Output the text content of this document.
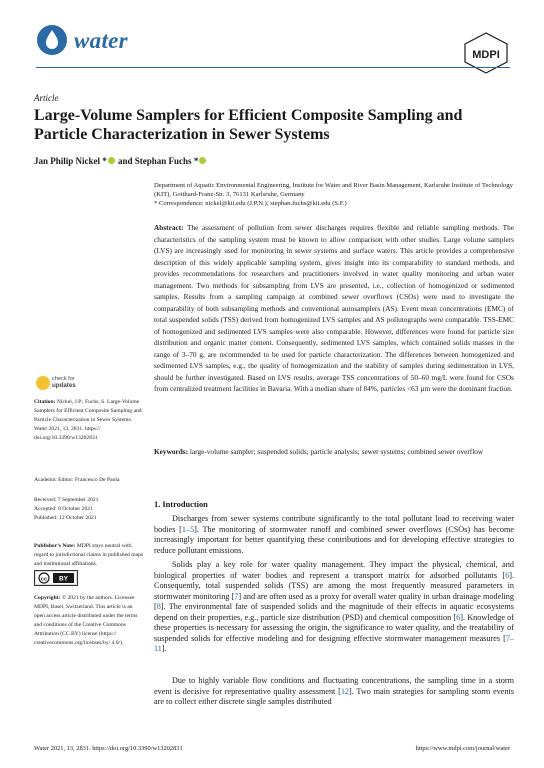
water
MDPI
Article
Large-Volume Samplers for Efficient Composite Sampling and Particle Characterization in Sewer Systems
Jan Philip Nickel * and Stephan Fuchs *
Department of Aquatic Environmental Engineering, Institute for Water and River Basin Management, Karlsruhe Institute of Technology (KIT), Gotthard-Franz-Str. 3, 76131 Karlsruhe, Germany
* Correspondence: nickel@kit.edu (J.P.N.); stephan.fuchs@kit.edu (S.F.)
Abstract: The assessment of pollution from sewer discharges requires flexible and reliable sampling methods. The characteristics of the sampling system must be known to allow comparison with other studies. Large volume samplers (LVS) are increasingly used for monitoring in sewer systems and surface waters. This article provides a comprehensive description of this widely applicable sampling system, gives insight into its comparability to standard methods, and provides recommendations for researchers and practitioners involved in water quality monitoring and urban water management. Two methods for subsampling from LVS are presented, i.e., collection of homogenized or sedimented samples. Results from a sampling campaign at combined sewer overflows (CSOs) were used to investigate the comparability of both subsampling methods and conventional autosamplers (AS). Event mean concentrations (EMC) of total suspended solids (TSS) derived from homogenized LVS samples and AS pollutographs were comparable. TSS-EMC of homogenized and sedimented LVS samples were also comparable. However, differences were found for particle size distribution and organic matter content. Consequently, sedimented LVS samples, which contained solids masses in the range of 3–70 g, are recommended to be used for particle characterization. The differences between homogenized and sedimented LVS samples, e.g., the quality of homogenization and the stability of samples during sedimentation in LVS, should be further investigated. Based on LVS results, average TSS concentrations of 50–60 mg/L were found for CSOs from centralized treatment facilities in Bavaria. With a median share of 84%, particles <63 µm were the dominant fraction.
Keywords: large-volume sampler; suspended solids; particle analysis; sewer systems; combined sewer overflow
check for
updates
Citation: Nickel, J.P.; Fuchs, S. Large-Volume Samplers for Efficient Composite Sampling and Particle Characterization in Sewer Systems. Water 2021, 13, 2831. https:// doi.org/10.3390/w13202831
Academic Editor: Francesco De Paola
Received: 7 September 2021
Accepted: 8 October 2021
Published: 12 October 2021
Publisher’s Note: MDPI stays neutral with regard to jurisdictional claims in published maps and institutional affiliations.
cc BY
Copyright: © 2021 by the authors. Licensee MDPI, Basel, Switzerland. This article is an open access article distributed under the terms and conditions of the Creative Commons Attribution (CC BY) license (https:// creativecommons.org/licenses/by/ 4.0/).
1. Introduction
Discharges from sewer systems contribute significantly to the total pollutant load to receiving water bodies [1–5]. The monitoring of stormwater runoff and combined sewer overflows (CSOs) has become increasingly important for better quantifying these contributions and for developing effective strategies to reduce pollutant emissions.
Solids play a key role for water quality management. They impact the physical, chemical, and biological properties of water bodies and represent a transport matrix for adsorbed pollutants [6]. Consequently, total suspended solids (TSS) are among the most frequently measured parameters in stormwater monitoring [7] and are often used as a proxy for overall water quality in urban drainage modeling [8]. The environmental fate of suspended solids and the magnitude of their effects in aquatic ecosystems depend on their properties, e.g., particle size distribution (PSD) and chemical composition [6]. Knowledge of these properties is necessary for assessing the origin, the significance to water quality, and the treatability of suspended solids for effective modeling and for designing effective stormwater management measures [7–11].
Due to highly variable flow conditions and fluctuating concentrations, the sampling time in a storm event is decisive for representative quality assessment [12]. Two main strategies for sampling storm events are to collect either discrete single samples distributed
Water 2021, 13, 2831. https://doi.org/10.3390/w13202831	https://www.mdpi.com/journal/water
